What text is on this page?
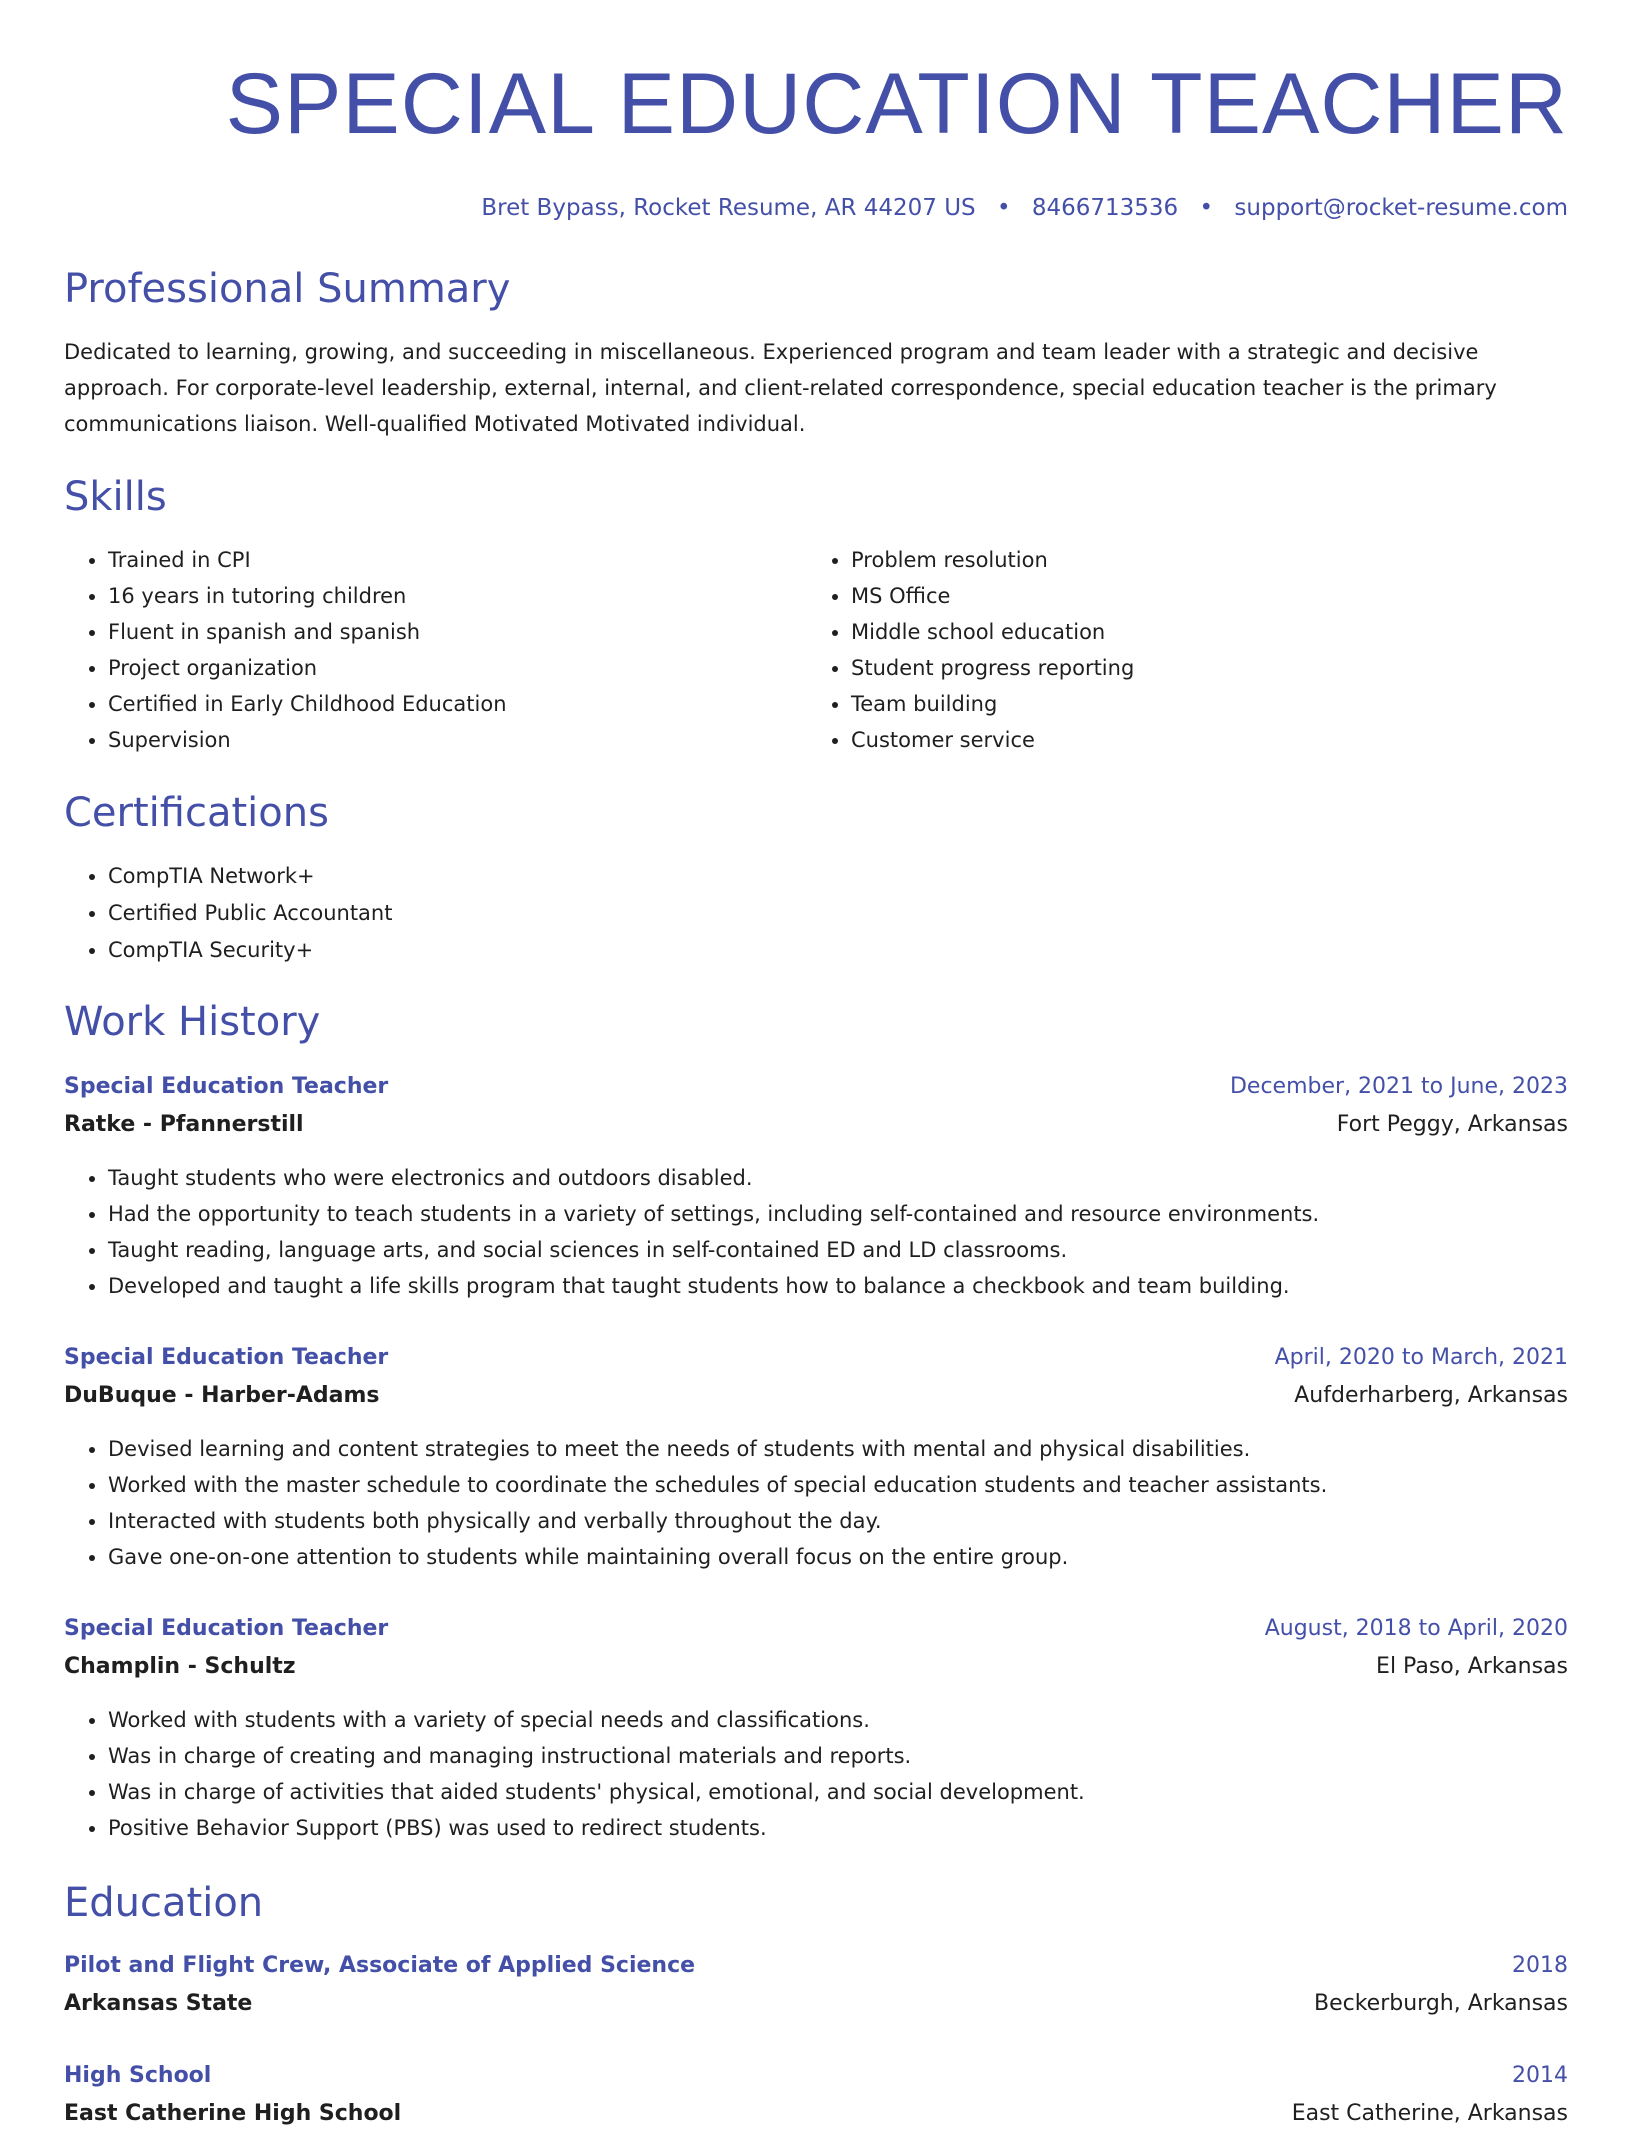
SPECIAL EDUCATION TEACHER
Bret Bypass, Rocket Resume, AR 44207 US • 8466713536 • support@rocket-resume.com
Professional Summary
Dedicated to learning, growing, and succeeding in miscellaneous. Experienced program and team leader with a strategic and decisive approach. For corporate-level leadership, external, internal, and client-related correspondence, special education teacher is the primary communications liaison. Well-qualified Motivated Motivated individual.
Skills
• Trained in CPI
• 16 years in tutoring children
• Fluent in spanish and spanish
• Project organization
• Certified in Early Childhood Education
• Supervision
• Problem resolution
• MS Office
• Middle school education
• Student progress reporting
• Team building
• Customer service
Certifications
• CompTIA Network+
• Certified Public Accountant
• CompTIA Security+
Work History
Special Education Teacher	December, 2021 to June, 2023
Ratke - Pfannerstill	Fort Peggy, Arkansas
• Taught students who were electronics and outdoors disabled.
• Had the opportunity to teach students in a variety of settings, including self-contained and resource environments.
• Taught reading, language arts, and social sciences in self-contained ED and LD classrooms.
• Developed and taught a life skills program that taught students how to balance a checkbook and team building.
Special Education Teacher	April, 2020 to March, 2021
DuBuque - Harber-Adams	Aufderharberg, Arkansas
• Devised learning and content strategies to meet the needs of students with mental and physical disabilities.
• Worked with the master schedule to coordinate the schedules of special education students and teacher assistants.
• Interacted with students both physically and verbally throughout the day.
• Gave one-on-one attention to students while maintaining overall focus on the entire group.
Special Education Teacher	August, 2018 to April, 2020
Champlin - Schultz	El Paso, Arkansas
• Worked with students with a variety of special needs and classifications.
• Was in charge of creating and managing instructional materials and reports.
• Was in charge of activities that aided students' physical, emotional, and social development.
• Positive Behavior Support (PBS) was used to redirect students.
Education
Pilot and Flight Crew, Associate of Applied Science	2018
Arkansas State	Beckerburgh, Arkansas
High School	2014
East Catherine High School	East Catherine, Arkansas
